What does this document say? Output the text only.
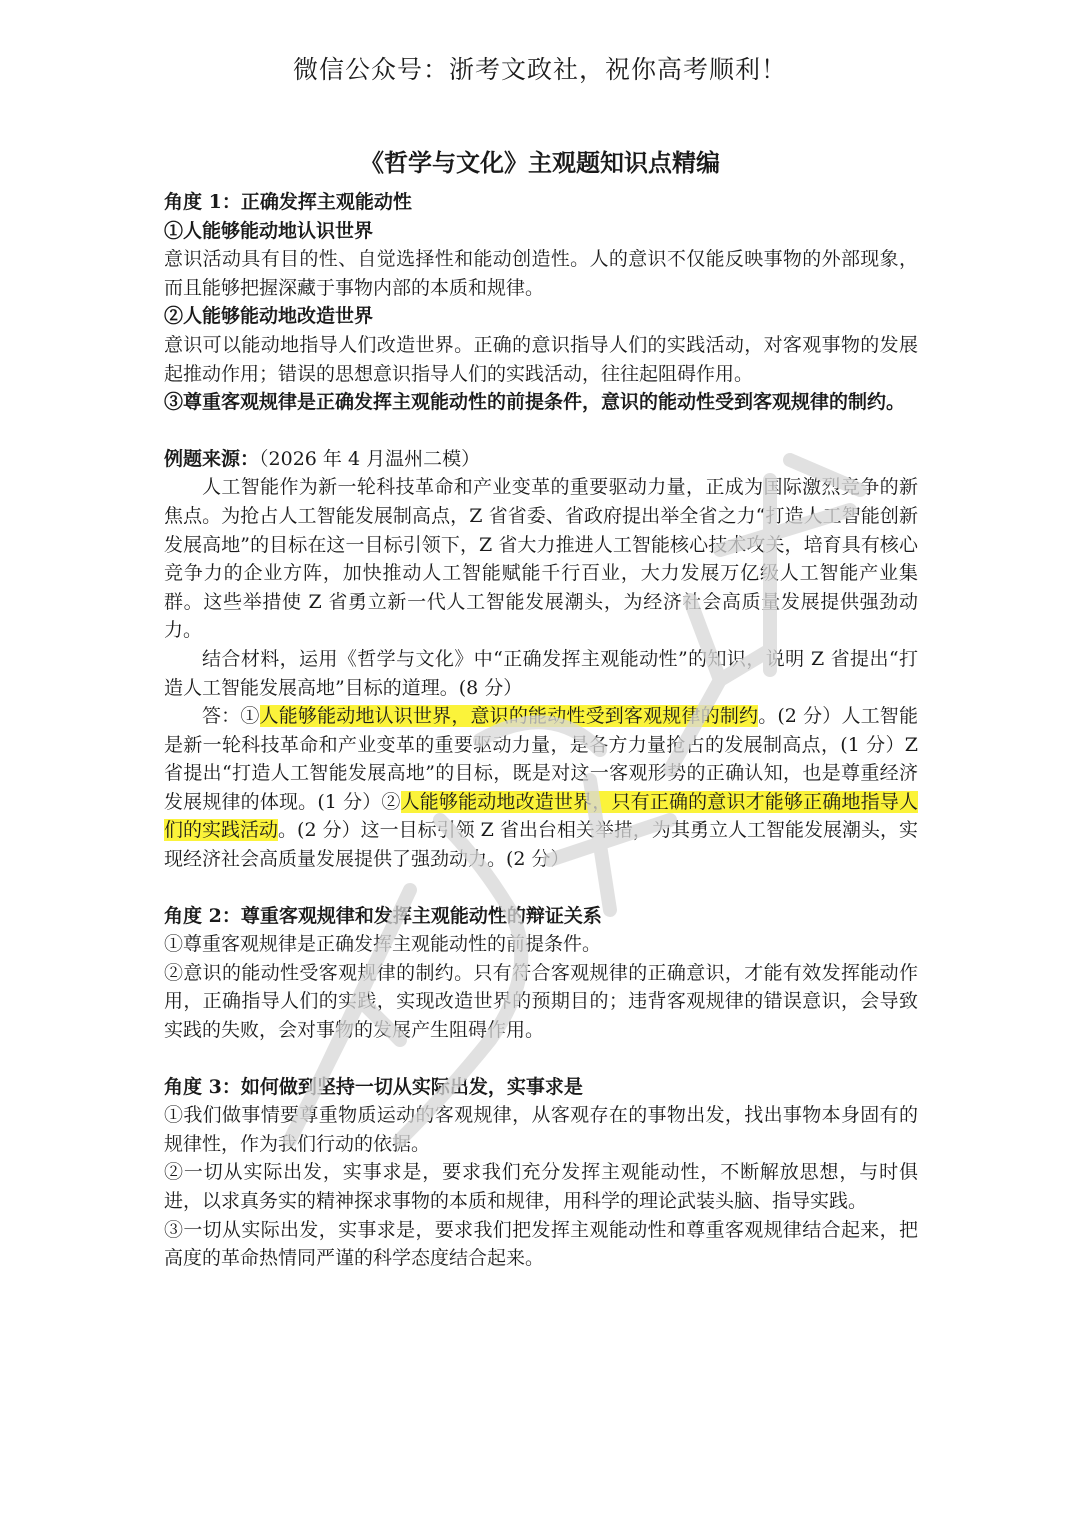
微信公众号：浙考文政社，祝你高考顺利！
《哲学与文化》主观题知识点精编

角度 1：正确发挥主观能动性

①人能够能动地认识世界

意识活动具有目的性、自觉选择性和能动创造性。人的意识不仅能反映事物的外部现象，而且能够把握深藏于事物内部的本质和规律。

②人能够能动地改造世界

意识可以能动地指导人们改造世界。正确的意识指导人们的实践活动，对客观事物的发展起推动作用；错误的思想意识指导人们的实践活动，往往起阻碍作用。

③尊重客观规律是正确发挥主观能动性的前提条件，意识的能动性受到客观规律的制约。

例题来源：（2026 年 4 月温州二模）

人工智能作为新一轮科技革命和产业变革的重要驱动力量，正成为国际激烈竞争的新焦点。为抢占人工智能发展制高点，Z 省省委、省政府提出举全省之力“打造人工智能创新发展高地”的目标在这一目标引领下，Z 省大力推进人工智能核心技术攻关，培育具有核心竞争力的企业方阵，加快推动人工智能赋能千行百业，大力发展万亿级人工智能产业集群。这些举措使 Z 省勇立新一代人工智能发展潮头，为经济社会高质量发展提供强劲动力。

结合材料，运用《哲学与文化》中“正确发挥主观能动性”的知识，说明 Z 省提出“打造人工智能发展高地”目标的道理。(8 分）

答：①人能够能动地认识世界，意识的能动性受到客观规律的制约。(2 分）人工智能是新一轮科技革命和产业变革的重要驱动力量，是各方力量抢占的发展制高点，(1 分）Z 省提出“打造人工智能发展高地”的目标，既是对这一客观形势的正确认知，也是尊重经济发展规律的体现。(1 分）②人能够能动地改造世界，只有正确的意识才能够正确地指导人们的实践活动。(2 分）这一目标引领 Z 省出台相关举措，为其勇立人工智能发展潮头，实现经济社会高质量发展提供了强劲动力。(2 分）

角度 2：尊重客观规律和发挥主观能动性的辩证关系

①尊重客观规律是正确发挥主观能动性的前提条件。

②意识的能动性受客观规律的制约。只有符合客观规律的正确意识，才能有效发挥能动作用，正确指导人们的实践，实现改造世界的预期目的；违背客观规律的错误意识，会导致实践的失败，会对事物的发展产生阻碍作用。

角度 3：如何做到坚持一切从实际出发，实事求是

①我们做事情要尊重物质运动的客观规律，从客观存在的事物出发，找出事物本身固有的规律性，作为我们行动的依据。

②一切从实际出发，实事求是，要求我们充分发挥主观能动性，不断解放思想，与时俱进，以求真务实的精神探求事物的本质和规律，用科学的理论武装头脑、指导实践。

③一切从实际出发，实事求是，要求我们把发挥主观能动性和尊重客观规律结合起来，把高度的革命热情同严谨的科学态度结合起来。
